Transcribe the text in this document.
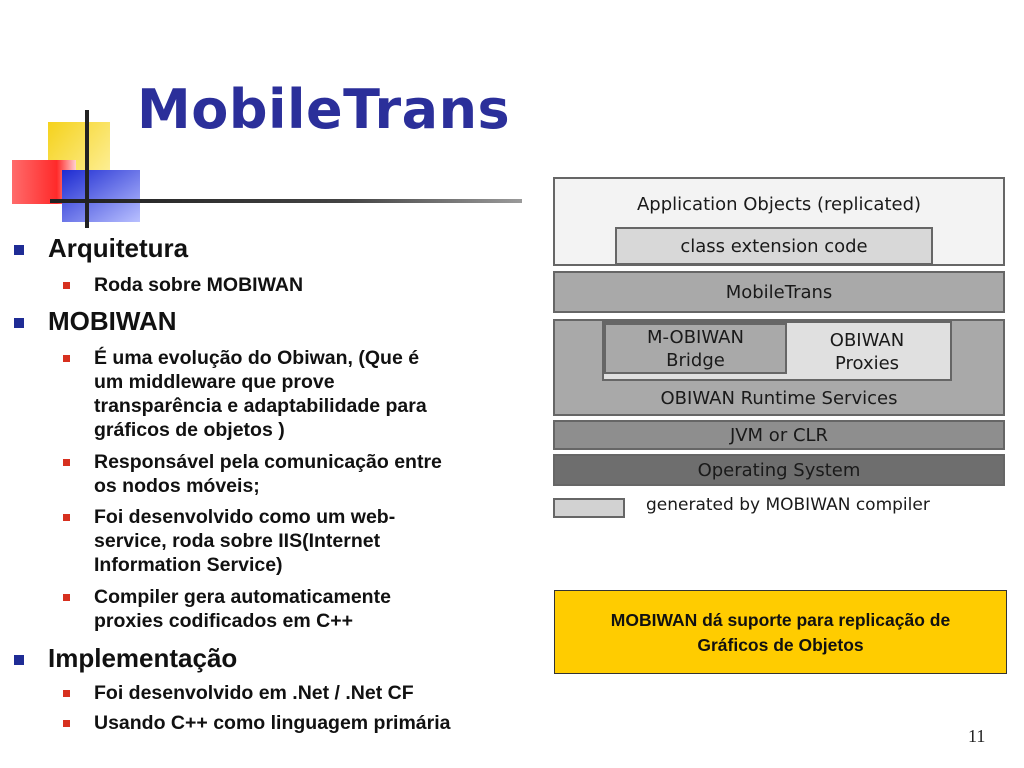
MobileTrans
Arquitetura
Roda sobre MOBIWAN
MOBIWAN
É uma evolução do Obiwan, (Que é
um middleware que prove
transparência e adaptabilidade para
gráficos de objetos )
Responsável pela comunicação entre
os nodos móveis;
Foi desenvolvido como um web-
service, roda sobre IIS(Internet
Information Service)
Compiler gera automaticamente
proxies codificados em C++
Implementação
Foi desenvolvido em .Net / .Net CF
Usando C++ como linguagem primária
Application Objects (replicated)
class extension code
MobileTrans
OBIWAN Runtime Services
M-OBIWAN
Bridge
OBIWAN
Proxies
JVM or CLR
Operating System
generated by MOBIWAN compiler
MOBIWAN dá suporte para replicação de
Gráficos de Objetos
11
